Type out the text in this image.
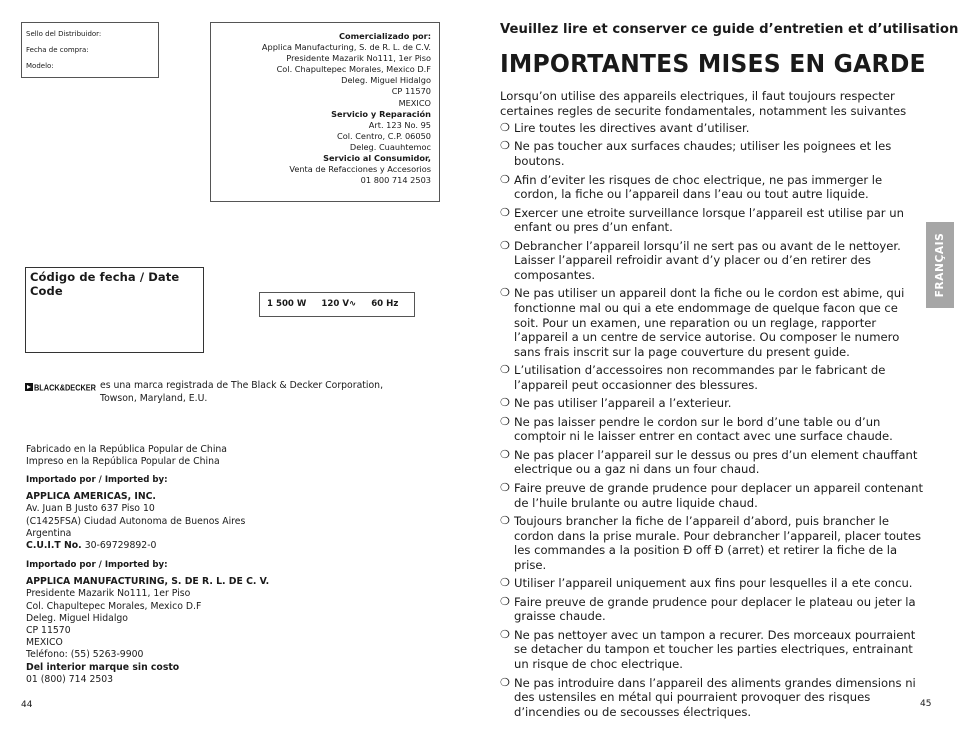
Sello del Distribuidor:
Fecha de compra:
Modelo:
Comercializado por:
Applica Manufacturing, S. de R. L. de C.V.
Presidente Mazarik No111, 1er Piso
Col. Chapultepec Morales, Mexico D.F
Deleg. Miguel Hidalgo
CP 11570
MEXICO
Servicio y Reparación
Art. 123 No. 95
Col. Centro, C.P. 06050
Deleg. Cuauhtemoc
Servicio al Consumidor,
Venta de Refacciones y Accesorios
01 800 714 2503
Código de fecha / Date Code
1 500 W 120 V∿ 60 Hz
BLACK&DECKER es una marca registrada de The Black & Decker Corporation,
Towson, Maryland, E.U.
Fabricado en la República Popular de China
Impreso en la República Popular de China
Importado por / Imported by:
APPLICA AMERICAS, INC.
Av. Juan B Justo 637 Piso 10
(C1425FSA) Ciudad Autonoma de Buenos Aires
Argentina
C.U.I.T No. 30-69729892-0
Importado por / Imported by:
APPLICA MANUFACTURING, S. DE R. L. DE C. V.
Presidente Mazarik No111, 1er Piso
Col. Chapultepec Morales, Mexico D.F
Deleg. Miguel Hidalgo
CP 11570
MEXICO
Teléfono: (55) 5263-9900
Del interior marque sin costo
01 (800) 714 2503
44
Veuillez lire et conserver ce guide d’entretien et d’utilisation
IMPORTANTES MISES EN GARDE
Lorsqu’on utilise des appareils electriques, il faut toujours respecter certaines regles de securite fondamentales, notamment les suivantes
❍ Lire toutes les directives avant d’utiliser.
❍ Ne pas toucher aux surfaces chaudes; utiliser les poignees et les boutons.
❍ Afin d’eviter les risques de choc electrique, ne pas immerger le cordon, la fiche ou l’appareil dans l’eau ou tout autre liquide.
❍ Exercer une etroite surveillance lorsque l’appareil est utilise par un enfant ou pres d’un enfant.
❍ Debrancher l’appareil lorsqu’il ne sert pas ou avant de le nettoyer. Laisser l’appareil refroidir avant d’y placer ou d’en retirer des composantes.
❍ Ne pas utiliser un appareil dont la fiche ou le cordon est abime, qui fonctionne mal ou qui a ete endommage de quelque facon que ce soit. Pour un examen, une reparation ou un reglage, rapporter l’appareil a un centre de service autorise. Ou composer le numero sans frais inscrit sur la page couverture du present guide.
❍ L’utilisation d’accessoires non recommandes par le fabricant de l’appareil peut occasionner des blessures.
❍ Ne pas utiliser l’appareil a l’exterieur.
❍ Ne pas laisser pendre le cordon sur le bord d’une table ou d’un comptoir ni le laisser entrer en contact avec une surface chaude.
❍ Ne pas placer l’appareil sur le dessus ou pres d’un element chauffant electrique ou a gaz ni dans un four chaud.
❍ Faire preuve de grande prudence pour deplacer un appareil contenant de l’huile brulante ou autre liquide chaud.
❍ Toujours brancher la fiche de l’appareil d’abord, puis brancher le cordon dans la prise murale. Pour debrancher l’appareil, placer toutes les commandes a la position Ð off Ð (arret) et retirer la fiche de la prise.
❍ Utiliser l’appareil uniquement aux fins pour lesquelles il a ete concu.
❍ Faire preuve de grande prudence pour deplacer le plateau ou jeter la graisse chaude.
❍ Ne pas nettoyer avec un tampon a recurer. Des morceaux pourraient se detacher du tampon et toucher les parties electriques, entrainant un risque de choc electrique.
❍ Ne pas introduire dans l’appareil des aliments grandes dimensions ni des ustensiles en métal qui pourraient provoquer des risques d’incendies ou de secousses électriques.
FRANÇAIS
45
